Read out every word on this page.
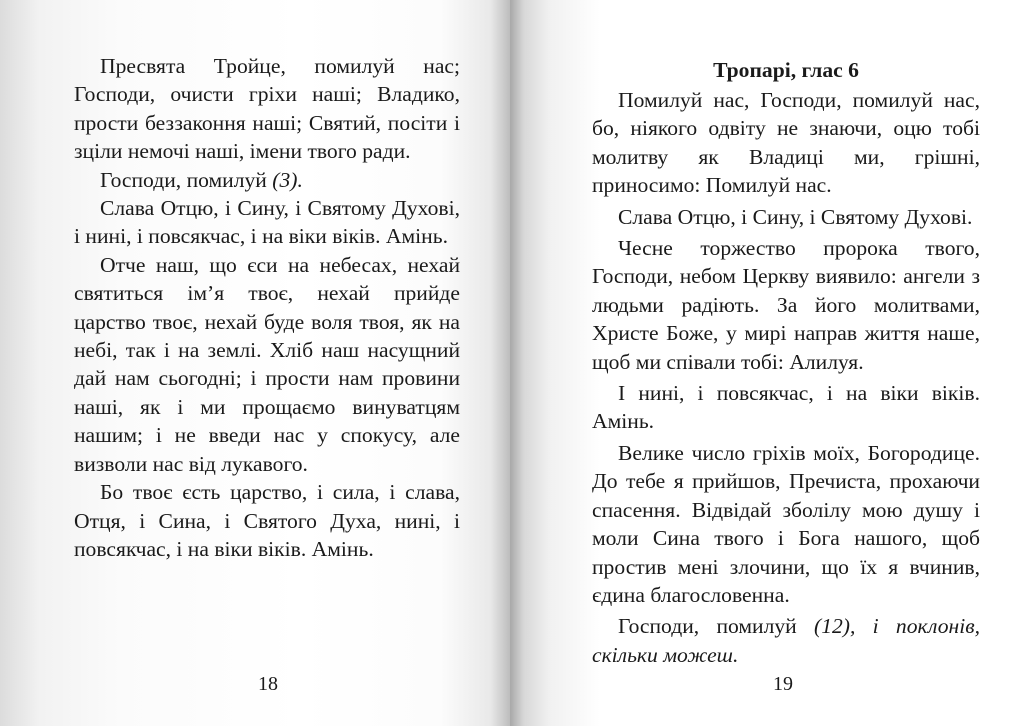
Пресвята Тройце, помилуй нас; Господи, очисти гріхи наші; Владико, прости беззаконня наші; Святий, посіти і зціли немочі наші, імени твого ради.

Господи, помилуй (3).

Слава Отцю, і Сину, і Святому Духові, і нині, і повсякчас, і на віки віків. Амінь.

Отче наш, що єси на небесах, нехай святиться ім’я твоє, нехай прийде царство твоє, нехай буде воля твоя, як на небі, так і на землі. Хліб наш насущний дай нам сьогодні; і прости нам провини наші, як і ми прощаємо винуватцям нашим; і не введи нас у спокусу, але визволи нас від лукавого.

Бо твоє єсть царство, і сила, і слава, Отця, і Сина, і Святого Духа, нині, і повсякчас, і на віки віків. Амінь.

18
Тропарі, глас 6

Помилуй нас, Господи, помилуй нас, бо, ніякого одвіту не знаючи, оцю тобі молитву як Владиці ми, грішні, приносимо: Помилуй нас.

Слава Отцю, і Сину, і Святому Духові.

Чесне торжество пророка твого, Господи, небом Церкву виявило: ангели з людьми радіють. За його молитвами, Христе Боже, у мирі направ життя наше, щоб ми співали тобі: Алилуя.

І нині, і повсякчас, і на віки віків. Амінь.

Велике число гріхів моїх, Богородице. До тебе я прийшов, Пречиста, прохаючи спасення. Відвідай зболілу мою душу і моли Сина твого і Бога нашого, щоб простив мені злочини, що їх я вчинив, єдина благословенна.

Господи, помилуй (12), і поклонів, скільки можеш.

19
